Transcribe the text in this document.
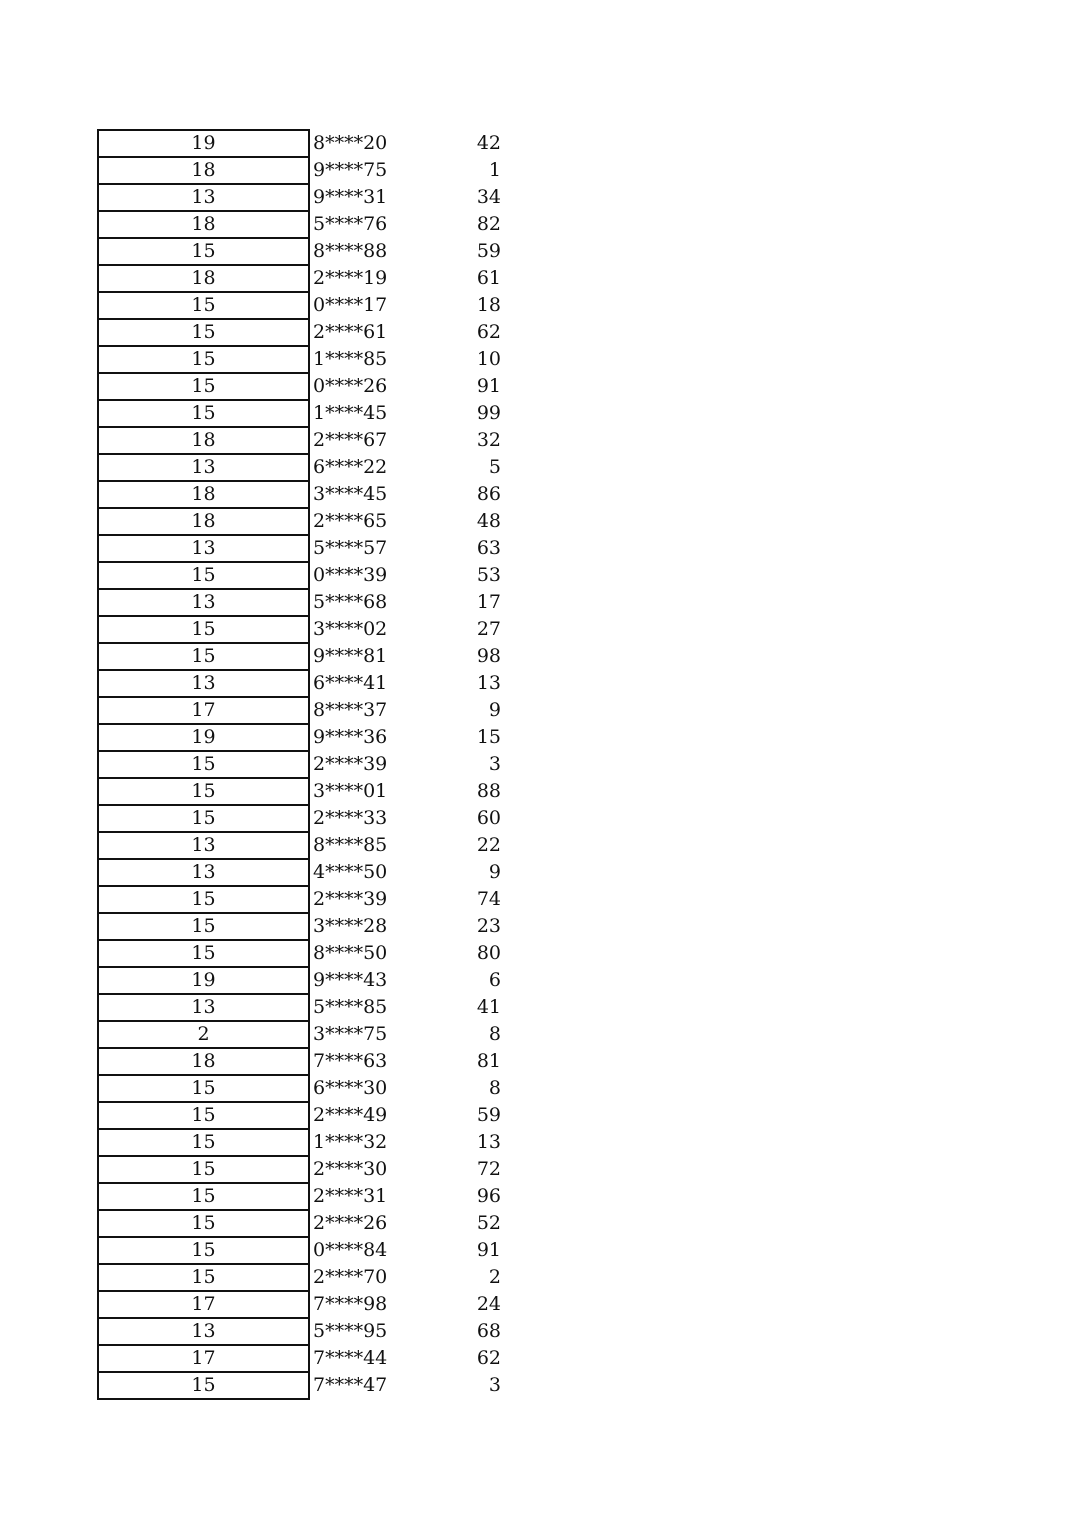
19	8****20	42
18	9****75	1
13	9****31	34
18	5****76	82
15	8****88	59
18	2****19	61
15	0****17	18
15	2****61	62
15	1****85	10
15	0****26	91
15	1****45	99
18	2****67	32
13	6****22	5
18	3****45	86
18	2****65	48
13	5****57	63
15	0****39	53
13	5****68	17
15	3****02	27
15	9****81	98
13	6****41	13
17	8****37	9
19	9****36	15
15	2****39	3
15	3****01	88
15	2****33	60
13	8****85	22
13	4****50	9
15	2****39	74
15	3****28	23
15	8****50	80
19	9****43	6
13	5****85	41
2	3****75	8
18	7****63	81
15	6****30	8
15	2****49	59
15	1****32	13
15	2****30	72
15	2****31	96
15	2****26	52
15	0****84	91
15	2****70	2
17	7****98	24
13	5****95	68
17	7****44	62
15	7****47	3
